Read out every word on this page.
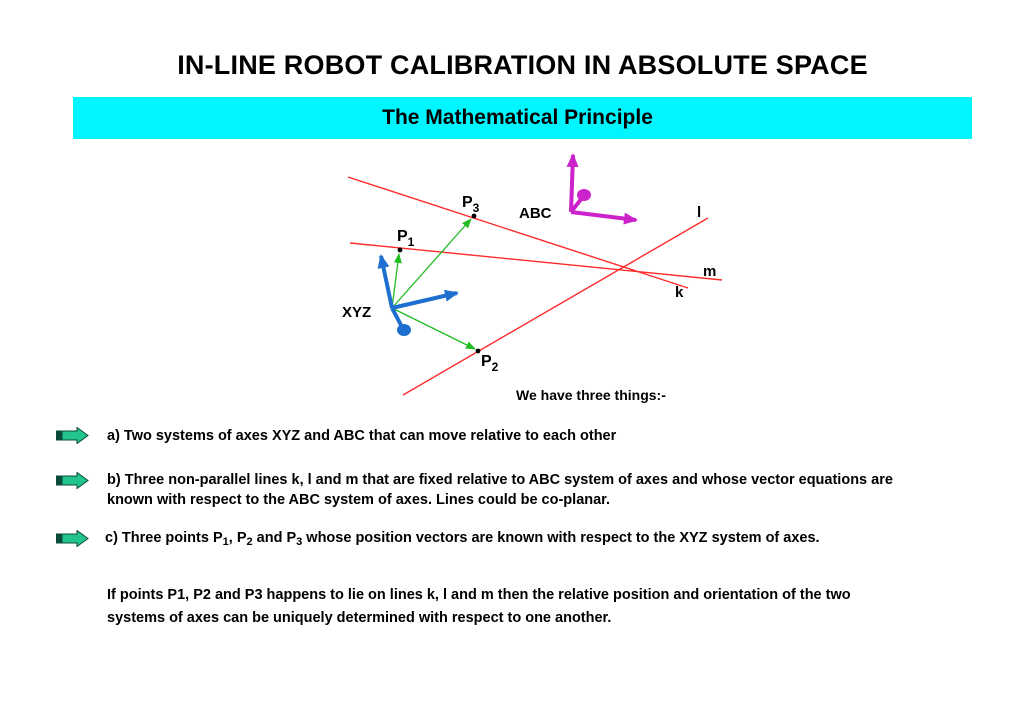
IN-LINE ROBOT CALIBRATION IN ABSOLUTE SPACE
The Mathematical Principle
$P_3$
$P_1$
$P_2$
ABC
XYZ
l
m
k
We have three things:-
a) Two systems of axes XYZ and ABC that can move relative to each other
b) Three non-parallel lines k, l and m that are fixed relative to ABC system of axes and whose vector equations are
known with respect to the ABC system of axes. Lines could be co-planar.
c) Three points $P_1$, $P_2$ and $P_3$ whose position vectors are known with respect to the XYZ system of axes.
If points P1, P2 and P3 happens to lie on lines k, l and m then the relative position and orientation of the two
systems of axes can be uniquely determined with respect to one another.
